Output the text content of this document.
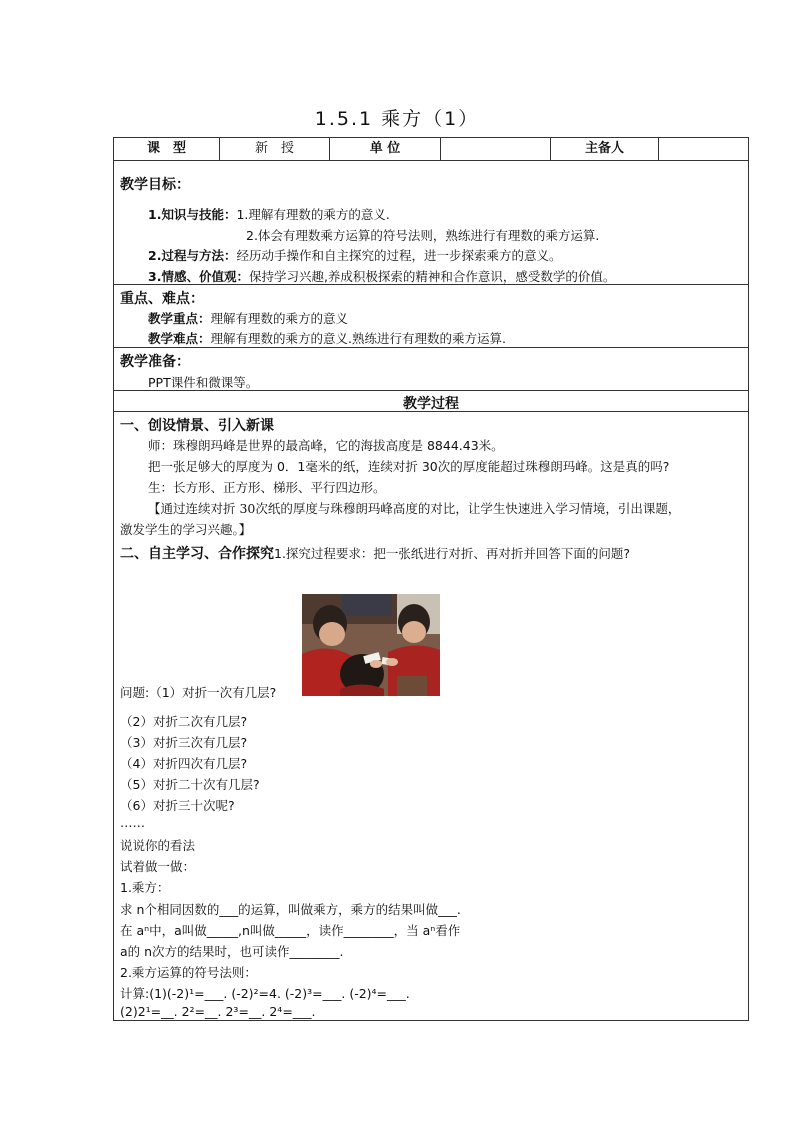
1.5.1 乘方（1）
课　型	新　授	单 位	主备人
教学目标：
1.知识与技能：1.理解有理数的乘方的意义.
2.体会有理数乘方运算的符号法则，熟练进行有理数的乘方运算.
2.过程与方法：经历动手操作和自主探究的过程，进一步探索乘方的意义。
3.情感、价值观：保持学习兴趣,养成积极探索的精神和合作意识，感受数学的价值。
重点、难点：
教学重点：理解有理数的乘方的意义
教学难点：理解有理数的乘方的意义.熟练进行有理数的乘方运算.
教学准备：
PPT课件和微课等。
教学过程
一、创设情景、引入新课
师：珠穆朗玛峰是世界的最高峰，它的海拔高度是 8844.43米。
把一张足够大的厚度为 0．1毫米的纸，连续对折 30次的厚度能超过珠穆朗玛峰。这是真的吗?
生：长方形、正方形、梯形、平行四边形。
【通过连续对折 30次纸的厚度与珠穆朗玛峰高度的对比，让学生快速进入学习情境，引出课题，
激发学生的学习兴趣。】
二、自主学习、合作探究1.探究过程要求：把一张纸进行对折、再对折并回答下面的问题?
问题:（1）对折一次有几层?
（2）对折二次有几层?
（3）对折三次有几层?
（4）对折四次有几层?
（5）对折二十次有几层?
（6）对折三十次呢?
……
说说你的看法
试着做一做：
1.乘方：
求 n个相同因数的___的运算，叫做乘方，乘方的结果叫做___.
在 aⁿ中，a叫做_____,n叫做_____，读作________，当 aⁿ看作
a的 n次方的结果时，也可读作________.
2.乘方运算的符号法则：
计算:(1)(-2)¹=___. (-2)²=4. (-2)³=___. (-2)⁴=___.
(2)2¹=__. 2²=__. 2³=__. 2⁴=___.
